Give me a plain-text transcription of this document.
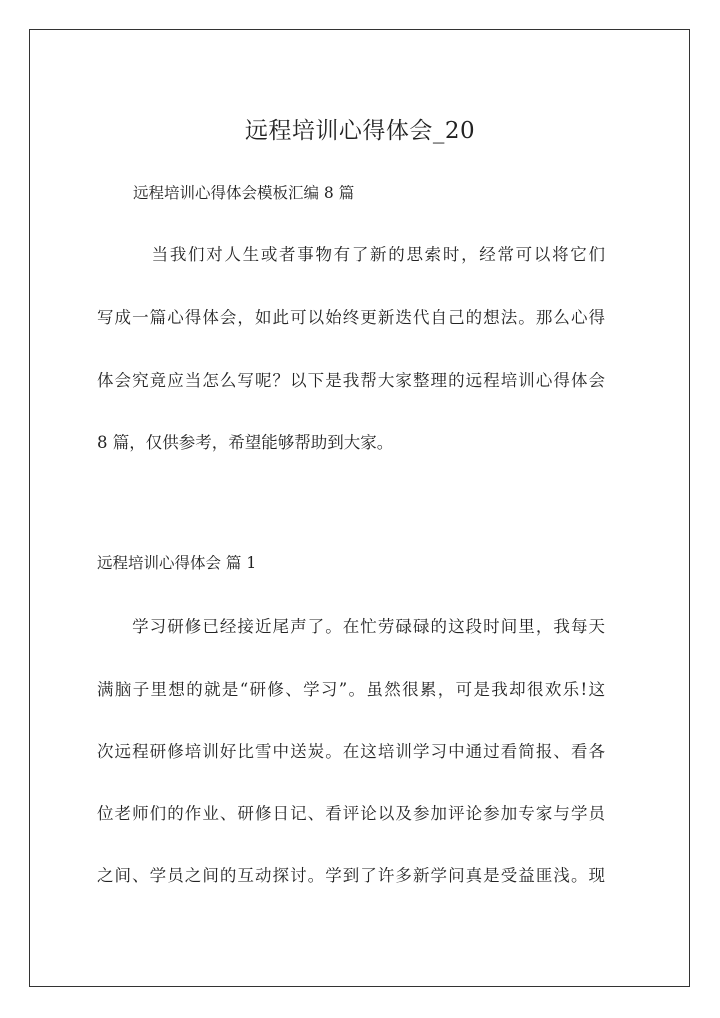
远程培训心得体会_20
远程培训心得体会模板汇编 8 篇
　　　当我们对人生或者事物有了新的思索时，经常可以将它们
写成一篇心得体会，如此可以始终更新迭代自己的想法。那么心得
体会究竟应当怎么写呢？以下是我帮大家整理的远程培训心得体会
8 篇，仅供参考，希望能够帮助到大家。
远程培训心得体会 篇 1
　　学习研修已经接近尾声了。在忙劳碌碌的这段时间里，我每天
满脑子里想的就是“研修、学习”。虽然很累，可是我却很欢乐!这
次远程研修培训好比雪中送炭。在这培训学习中通过看简报、看各
位老师们的作业、研修日记、看评论以及参加评论参加专家与学员
之间、学员之间的互动探讨。学到了许多新学问真是受益匪浅。现
